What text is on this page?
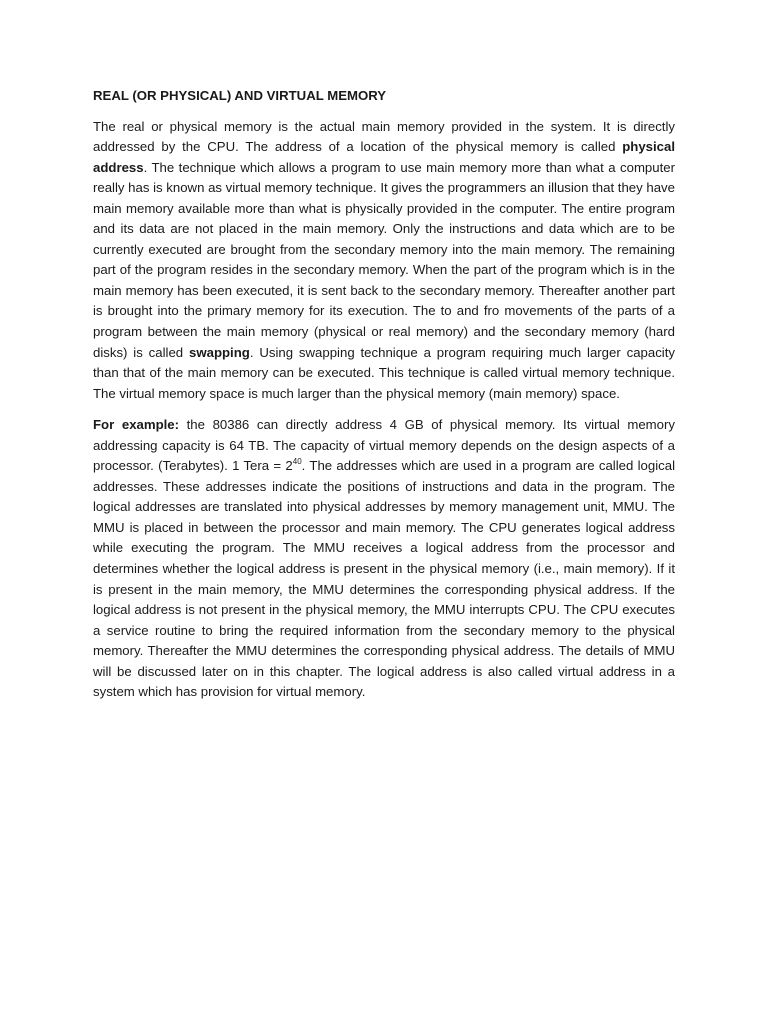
REAL (OR PHYSICAL) AND VIRTUAL MEMORY

The real or physical memory is the actual main memory provided in the system. It is directly addressed by the CPU. The address of a location of the physical memory is called physical address. The technique which allows a program to use main memory more than what a computer really has is known as virtual memory technique. It gives the programmers an illusion that they have main memory available more than what is physically provided in the computer. The entire program and its data are not placed in the main memory. Only the instructions and data which are to be currently executed are brought from the secondary memory into the main memory. The remaining part of the program resides in the secondary memory. When the part of the program which is in the main memory has been executed, it is sent back to the secondary memory. Thereafter another part is brought into the primary memory for its execution. The to and fro movements of the parts of a program between the main memory (physical or real memory) and the secondary memory (hard disks) is called swapping. Using swapping technique a program requiring much larger capacity than that of the main memory can be executed. This technique is called virtual memory technique. The virtual memory space is much larger than the physical memory (main memory) space.

For example: the 80386 can directly address 4 GB of physical memory. Its virtual memory addressing capacity is 64 TB. The capacity of virtual memory depends on the design aspects of a processor. (Terabytes). 1 Tera = $2^{40}$. The addresses which are used in a program are called logical addresses. These addresses indicate the positions of instructions and data in the program. The logical addresses are translated into physical addresses by memory management unit, MMU. The MMU is placed in between the processor and main memory. The CPU generates logical address while executing the program. The MMU receives a logical address from the processor and determines whether the logical address is present in the physical memory (i.e., main memory). If it is present in the main memory, the MMU determines the corresponding physical address. If the logical address is not present in the physical memory, the MMU interrupts CPU. The CPU executes a service routine to bring the required information from the secondary memory to the physical memory. Thereafter the MMU determines the corresponding physical address. The details of MMU will be discussed later on in this chapter. The logical address is also called virtual address in a system which has provision for virtual memory.
